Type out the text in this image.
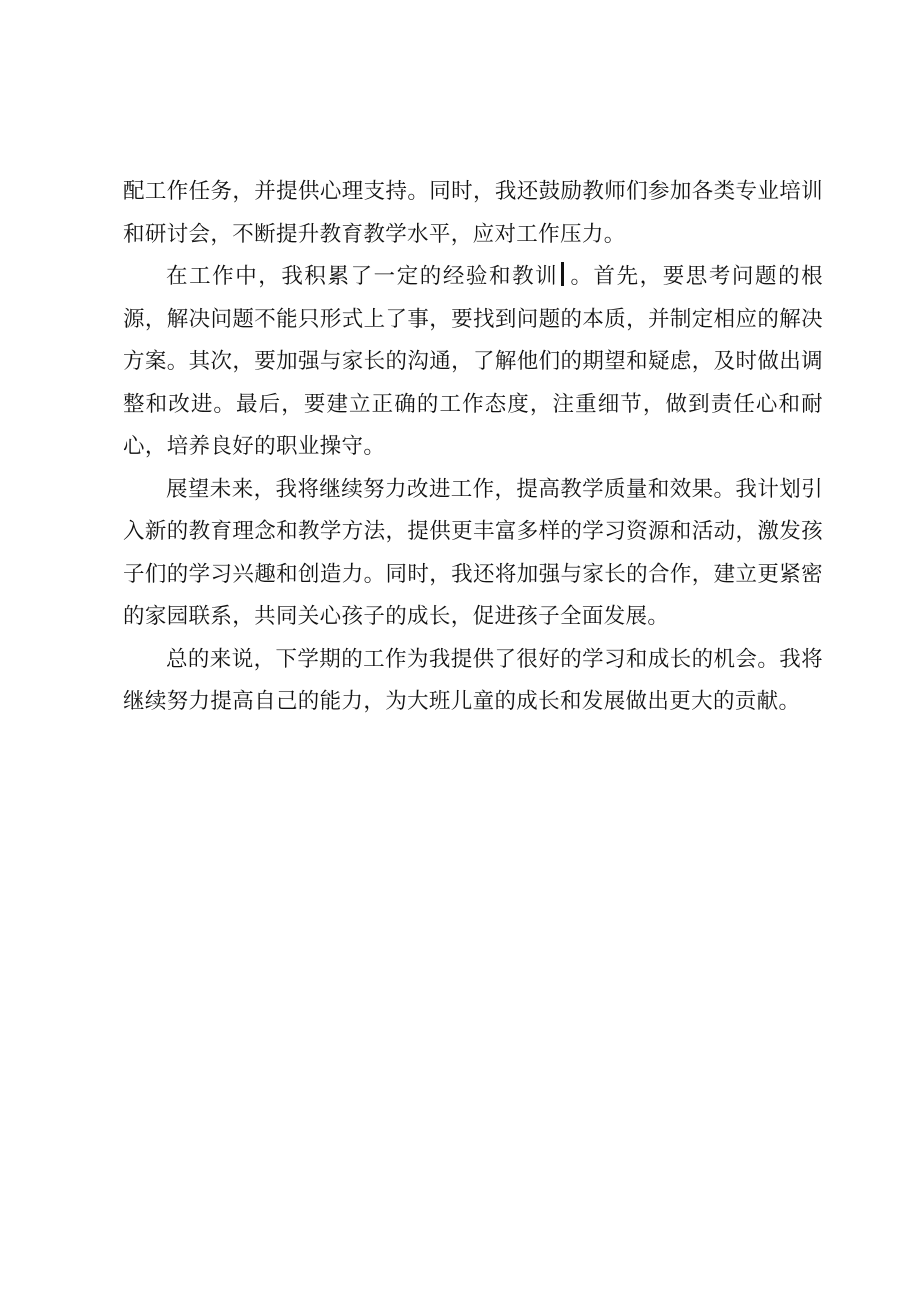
配工作任务，并提供心理支持。同时，我还鼓励教师们参加各类专业培训和研讨会，不断提升教育教学水平，应对工作压力。

在工作中，我积累了一定的经验和教训 。首先，要思考问题的根源，解决问题不能只形式上了事，要找到问题的本质，并制定相应的解决方案。其次，要加强与家长的沟通，了解他们的期望和疑虑，及时做出调整和改进。最后，要建立正确的工作态度，注重细节，做到责任心和耐心，培养良好的职业操守。

展望未来，我将继续努力改进工作，提高教学质量和效果。我计划引入新的教育理念和教学方法，提供更丰富多样的学习资源和活动，激发孩子们的学习兴趣和创造力。同时，我还将加强与家长的合作，建立更紧密的家园联系，共同关心孩子的成长，促进孩子全面发展。

总的来说，下学期的工作为我提供了很好的学习和成长的机会。我将继续努力提高自己的能力，为大班儿童的成长和发展做出更大的贡献。
